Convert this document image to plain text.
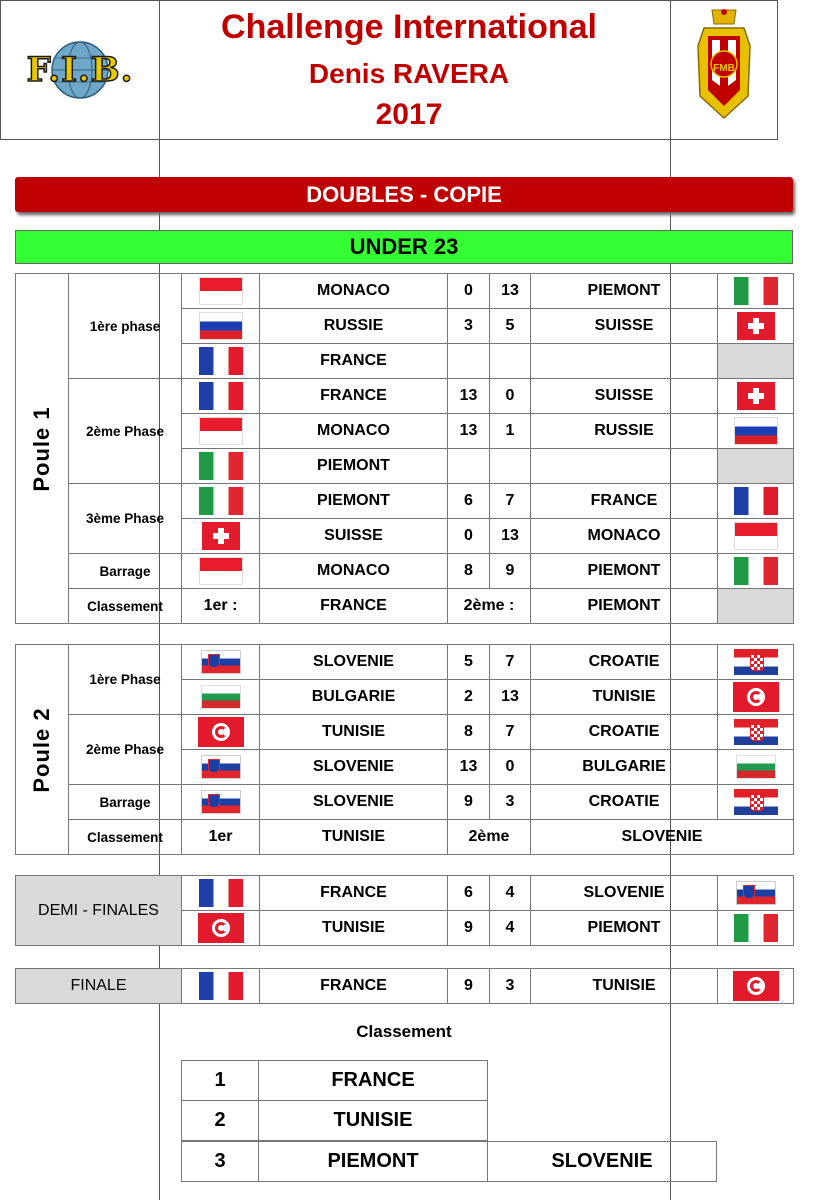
F.I.B.
Challenge International
Denis RAVERA
2017
FMB
DOUBLES - COPIE
UNDER 23
Poule 1	1ère phase		MONACO	0	13	PIEMONT	
			RUSSIE	3	5	SUISSE	
			FRANCE				
	2ème Phase		FRANCE	13	0	SUISSE	
			MONACO	13	1	RUSSIE	
			PIEMONT				
	3ème Phase		PIEMONT	6	7	FRANCE	
			SUISSE	0	13	MONACO	
	Barrage		MONACO	8	9	PIEMONT	
	Classement	1er :	FRANCE	2ème :		PIEMONT	
Poule 2	1ère Phase		SLOVENIE	5	7	CROATIE	
			BULGARIE	2	13	TUNISIE	
	2ème Phase		TUNISIE	8	7	CROATIE	
			SLOVENIE	13	0	BULGARIE	
	Barrage		SLOVENIE	9	3	CROATIE	
	Classement	1er	TUNISIE	2ème		SLOVENIE	
DEMI - FINALES		FRANCE	6	4	SLOVENIE	
		TUNISIE	9	4	PIEMONT	
FINALE		FRANCE	9	3	TUNISIE	
Classement
1	FRANCE
2	TUNISIE
3	PIEMONT	SLOVENIE
